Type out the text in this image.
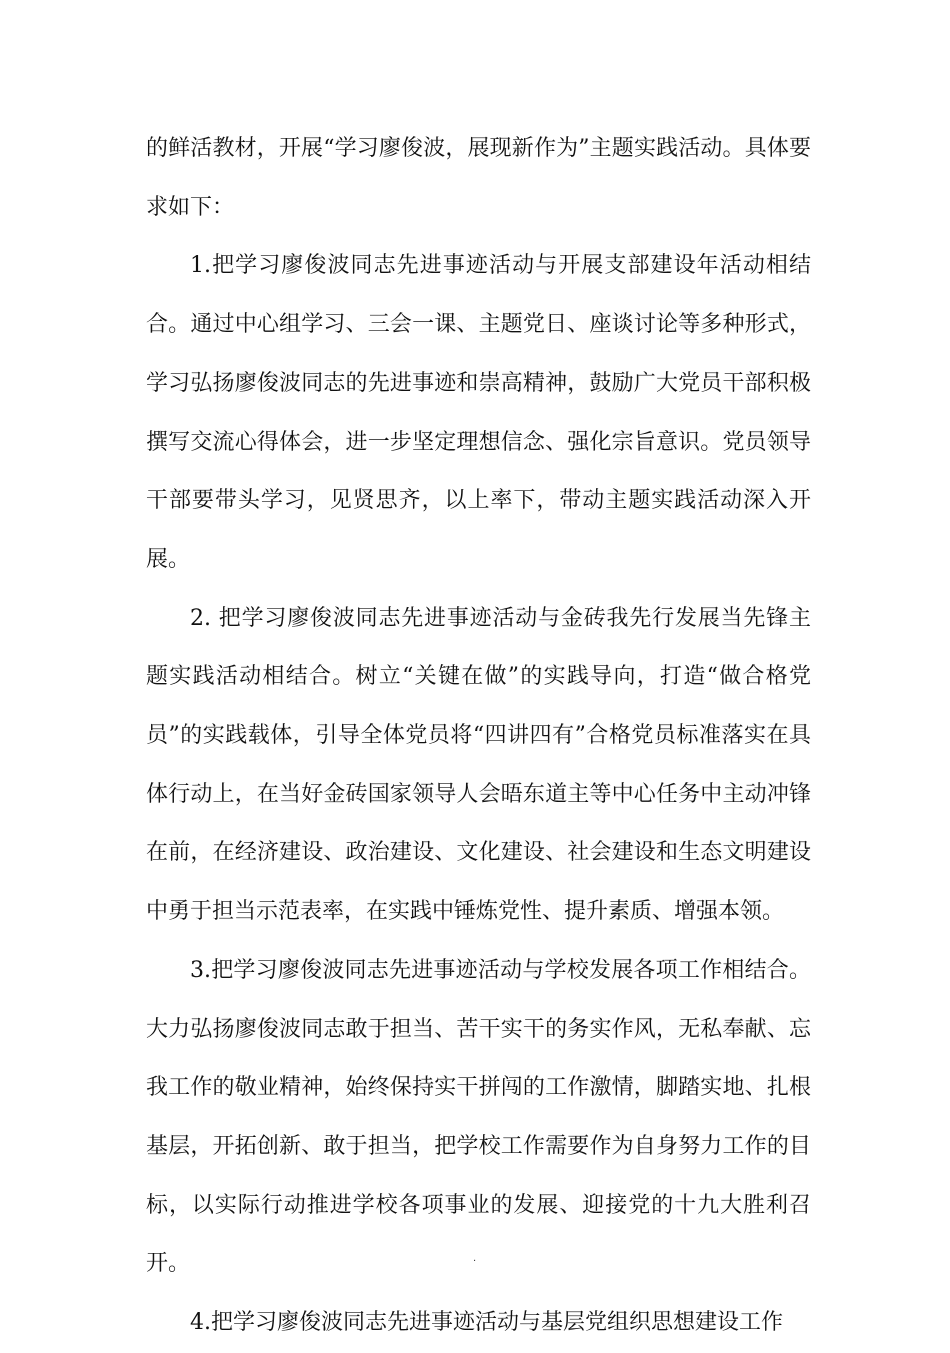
的鲜活教材，开展“学习廖俊波，展现新作为”主题实践活动。具体要求如下：

1.把学习廖俊波同志先进事迹活动与开展支部建设年活动相结合。通过中心组学习、三会一课、主题党日、座谈讨论等多种形式，学习弘扬廖俊波同志的先进事迹和崇高精神，鼓励广大党员干部积极撰写交流心得体会，进一步坚定理想信念、强化宗旨意识。党员领导干部要带头学习，见贤思齐，以上率下，带动主题实践活动深入开展。

2. 把学习廖俊波同志先进事迹活动与金砖我先行发展当先锋主题实践活动相结合。树立“关键在做”的实践导向，打造“做合格党员”的实践载体，引导全体党员将“四讲四有”合格党员标准落实在具体行动上，在当好金砖国家领导人会晤东道主等中心任务中主动冲锋在前，在经济建设、政治建设、文化建设、社会建设和生态文明建设中勇于担当示范表率，在实践中锤炼党性、提升素质、增强本领。

3.把学习廖俊波同志先进事迹活动与学校发展各项工作相结合。大力弘扬廖俊波同志敢于担当、苦干实干的务实作风，无私奉献、忘我工作的敬业精神，始终保持实干拼闯的工作激情，脚踏实地、扎根基层，开拓创新、敢于担当，把学校工作需要作为自身努力工作的目标，以实际行动推进学校各项事业的发展、迎接党的十九大胜利召开。

4.把学习廖俊波同志先进事迹活动与基层党组织思想建设工作

.
